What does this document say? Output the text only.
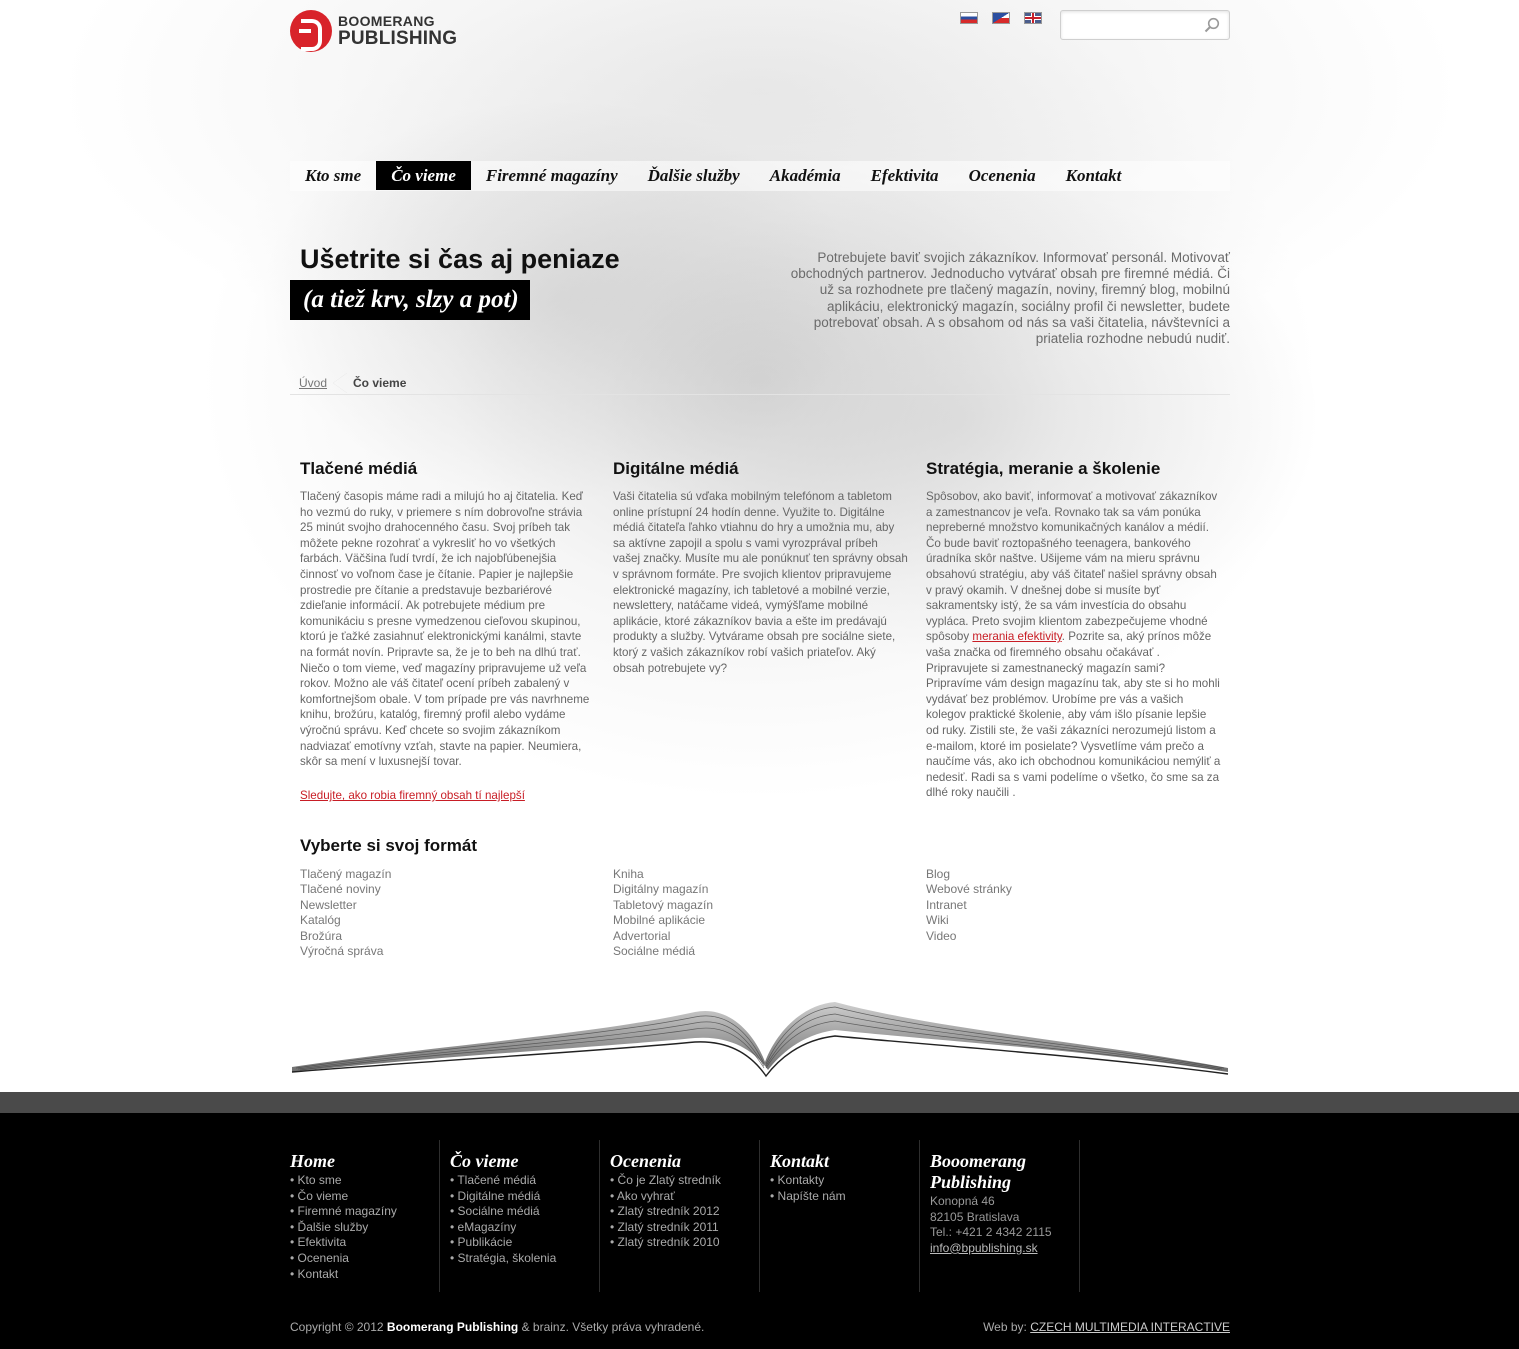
BOOMERANG
PUBLISHING
Kto sme	Čo vieme	Firemné magazíny	Ďalšie služby	Akadémia	Efektivita	Ocenenia	Kontakt
Ušetrite si čas aj peniaze
(a tiež krv, slzy a pot)

Potrebujete baviť svojich zákazníkov. Informovať personál. Motivovať obchodných partnerov. Jednoducho vytvárať obsah pre firemné médiá. Či už sa rozhodnete pre tlačený magazín, noviny, firemný blog, mobilnú aplikáciu, elektronický magazín, sociálny profil či newsletter, budete potrebovať obsah. A s obsahom od nás sa vaši čitatelia, návštevníci a priatelia rozhodne nebudú nudiť.

Úvod Čo vieme
Tlačené médiá

Tlačený časopis máme radi a milujú ho aj čitatelia. Keď ho vezmú do ruky, v priemere s ním dobrovoľne strávia 25 minút svojho drahocenného času. Svoj príbeh tak môžete pekne rozohrať a vykresliť ho vo všetkých farbách. Väčšina ľudí tvrdí, že ich najobľúbenejšia činnosť vo voľnom čase je čítanie. Papier je najlepšie prostredie pre čítanie a predstavuje bezbariérové zdieľanie informácií. Ak potrebujete médium pre komunikáciu s presne vymedzenou cieľovou skupinou, ktorú je ťažké zasiahnuť elektronickými kanálmi, stavte na formát novín. Pripravte sa, že je to beh na dlhú trať. Niečo o tom vieme, veď magazíny pripravujeme už veľa rokov. Možno ale váš čitateľ ocení príbeh zabalený v komfortnejšom obale. V tom prípade pre vás navrhneme knihu, brožúru, katalóg, firemný profil alebo vydáme výročnú správu. Keď chcete so svojim zákazníkom nadviazať emotívny vzťah, stavte na papier. Neumiera, skôr sa mení v luxusnejší tovar.

Sledujte, ako robia firemný obsah tí najlepší
Digitálne médiá

Vaši čitatelia sú vďaka mobilným telefónom a tabletom online prístupní 24 hodín denne. Využite to. Digitálne médiá čitateľa ľahko vtiahnu do hry a umožnia mu, aby sa aktívne zapojil a spolu s vami vyrozprával príbeh vašej značky. Musíte mu ale ponúknuť ten správny obsah v správnom formáte. Pre svojich klientov pripravujeme elektronické magazíny, ich tabletové a mobilné verzie, newslettery, natáčame videá, vymýšľame mobilné aplikácie, ktoré zákazníkov bavia a ešte im predávajú produkty a služby. Vytvárame obsah pre sociálne siete, ktorý z vašich zákazníkov robí vašich priateľov. Aký obsah potrebujete vy?

Stratégia, meranie a školenie

Spôsobov, ako baviť, informovať a motivovať zákazníkov a zamestnancov je veľa. Rovnako tak sa vám ponúka nepreberné množstvo komunikačných kanálov a médií. Čo bude baviť roztopašného teenagera, bankového úradníka skôr naštve. Ušijeme vám na mieru správnu obsahovú stratégiu, aby váš čitateľ našiel správny obsah v pravý okamih. V dnešnej dobe si musíte byť sakramentsky istý, že sa vám investícia do obsahu vypláca. Preto svojim klientom zabezpečujeme vhodné spôsoby merania efektivity. Pozrite sa, aký prínos môže vaša značka od firemného obsahu očakávať . Pripravujete si zamestnanecký magazín sami? Pripravíme vám design magazínu tak, aby ste si ho mohli vydávať bez problémov. Urobíme pre vás a vašich kolegov praktické školenie, aby vám išlo písanie lepšie od ruky. Zistili ste, že vaši zákazníci nerozumejú listom a e-mailom, ktoré im posielate? Vysvetlíme vám prečo a naučíme vás, ako ich obchodnou komunikáciou nemýliť a nedesiť. Radi sa s vami podelíme o všetko, čo sme sa za dlhé roky naučili .

Vyberte si svoj formát
Tlačený magazín
Tlačené noviny
Newsletter
Katalóg
Brožúra
Výročná správa
Kniha
Digitálny magazín
Tabletový magazín
Mobilné aplikácie
Advertorial
Sociálne médiá
Blog
Webové stránky
Intranet
Wiki
Video
Home
• Kto sme
• Čo vieme
• Firemné magazíny
• Ďalšie služby
• Efektivita
• Ocenenia
• Kontakt
Čo vieme
• Tlačené médiá
• Digitálne médiá
• Sociálne médiá
• eMagazíny
• Publikácie
• Stratégia, školenia
Ocenenia
• Čo je Zlatý stredník
• Ako vyhrať
• Zlatý stredník 2012
• Zlatý stredník 2011
• Zlatý stredník 2010
Kontakt
• Kontakty
• Napíšte nám
Booomerang Publishing
Konopná 46
82105 Bratislava
Tel.: +421 2 4342 2115
info@bpublishing.sk
Copyright © 2012 Boomerang Publishing & brainz. Všetky práva vyhradené.	Web by: CZECH MULTIMEDIA INTERACTIVE
